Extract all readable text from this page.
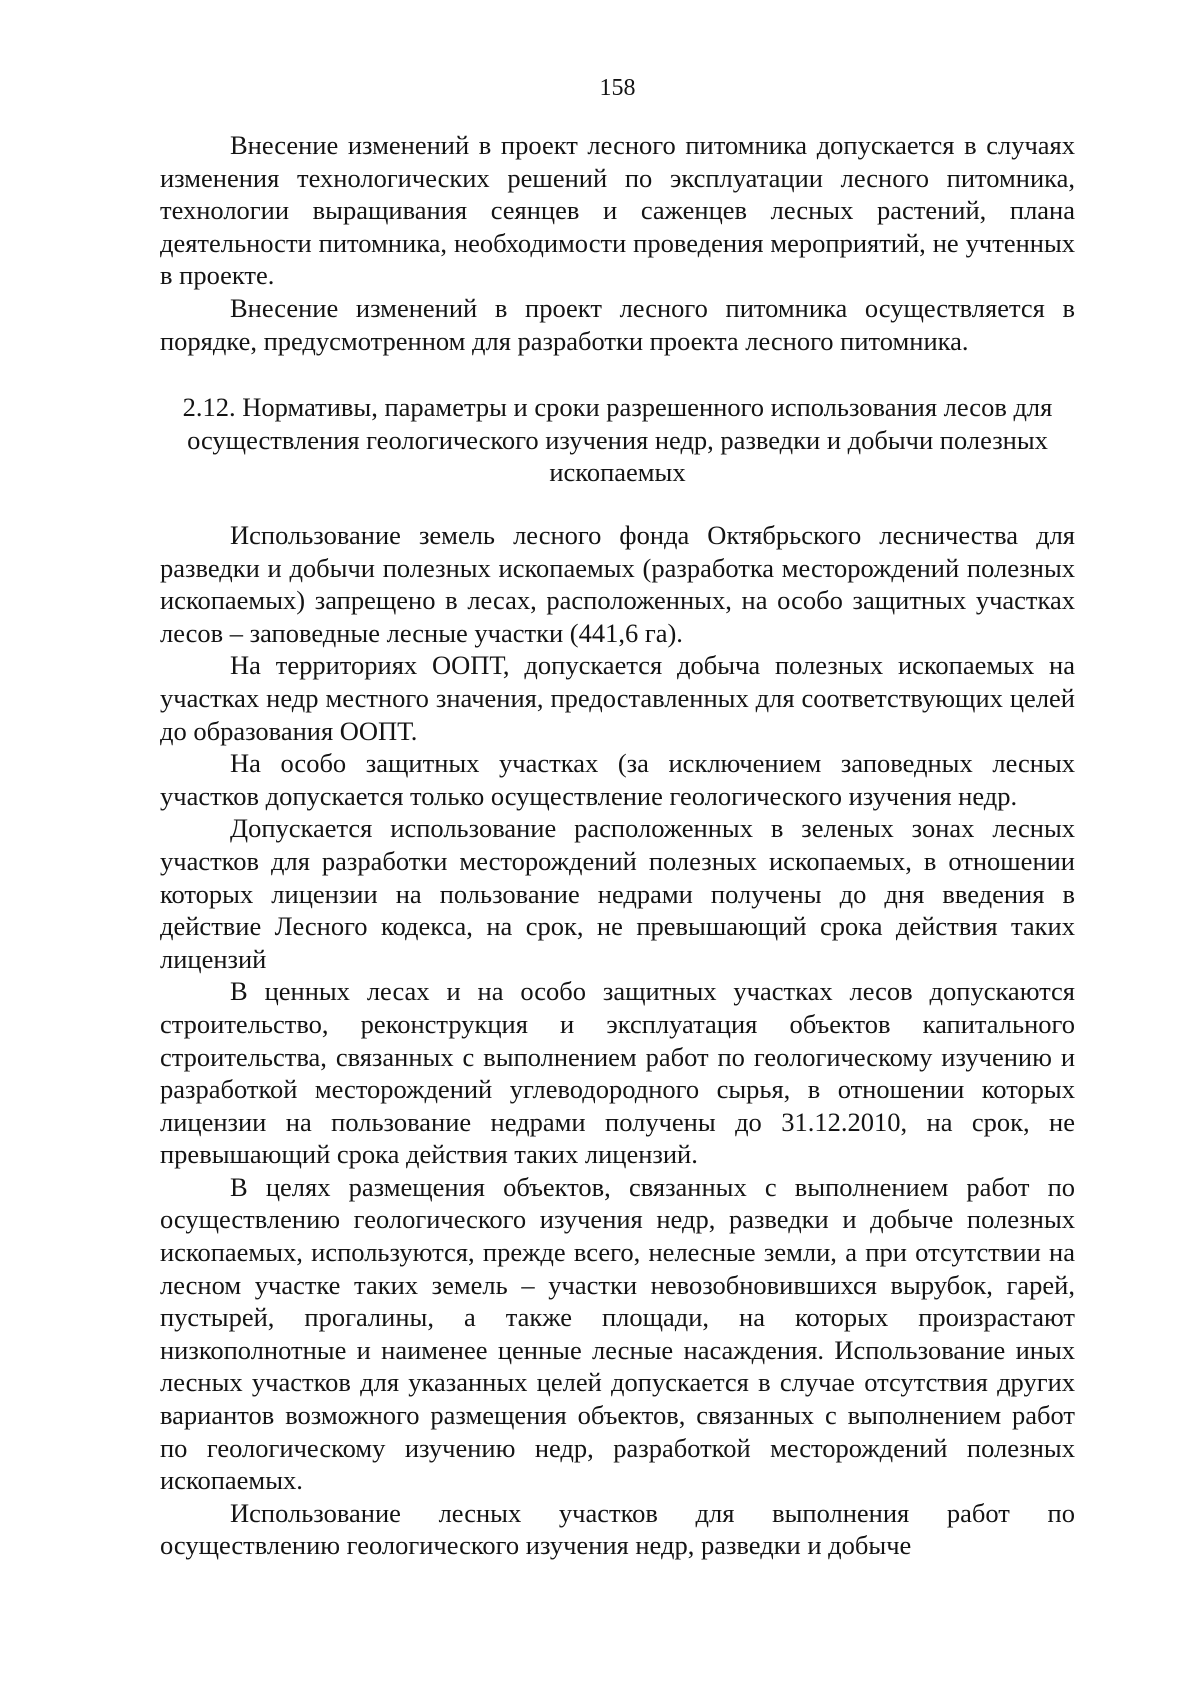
158

Внесение изменений в проект лесного питомника допускается в случаях изменения технологических решений по эксплуатации лесного питомника, технологии выращивания сеянцев и саженцев лесных растений, плана деятельности питомника, необходимости проведения мероприятий, не учтенных в проекте.

Внесение изменений в проект лесного питомника осуществляется в порядке, предусмотренном для разработки проекта лесного питомника.

2.12. Нормативы, параметры и сроки разрешенного использования лесов для осуществления геологического изучения недр, разведки и добычи полезных ископаемых

Использование земель лесного фонда Октябрьского лесничества для разведки и добычи полезных ископаемых (разработка месторождений полезных ископаемых) запрещено в лесах, расположенных, на особо защитных участках лесов – заповедные лесные участки (441,6 га).

На территориях ООПТ, допускается добыча полезных ископаемых на участках недр местного значения, предоставленных для соответствующих целей до образования ООПТ.

На особо защитных участках (за исключением заповедных лесных участков допускается только осуществление геологического изучения недр.

Допускается использование расположенных в зеленых зонах лесных участков для разработки месторождений полезных ископаемых, в отношении которых лицензии на пользование недрами получены до дня введения в действие Лесного кодекса, на срок, не превышающий срока действия таких лицензий

В ценных лесах и на особо защитных участках лесов допускаются строительство, реконструкция и эксплуатация объектов капитального строительства, связанных с выполнением работ по геологическому изучению и разработкой месторождений углеводородного сырья, в отношении которых лицензии на пользование недрами получены до 31.12.2010, на срок, не превышающий срока действия таких лицензий.

В целях размещения объектов, связанных с выполнением работ по осуществлению геологического изучения недр, разведки и добыче полезных ископаемых, используются, прежде всего, нелесные земли, а при отсутствии на лесном участке таких земель – участки невозобновившихся вырубок, гарей, пустырей, прогалины, а также площади, на которых произрастают низкополнотные и наименее ценные лесные насаждения. Использование иных лесных участков для указанных целей допускается в случае отсутствия других вариантов возможного размещения объектов, связанных с выполнением работ по геологическому изучению недр, разработкой месторождений полезных ископаемых.

Использование лесных участков для выполнения работ по осуществлению геологического изучения недр, разведки и добыче
